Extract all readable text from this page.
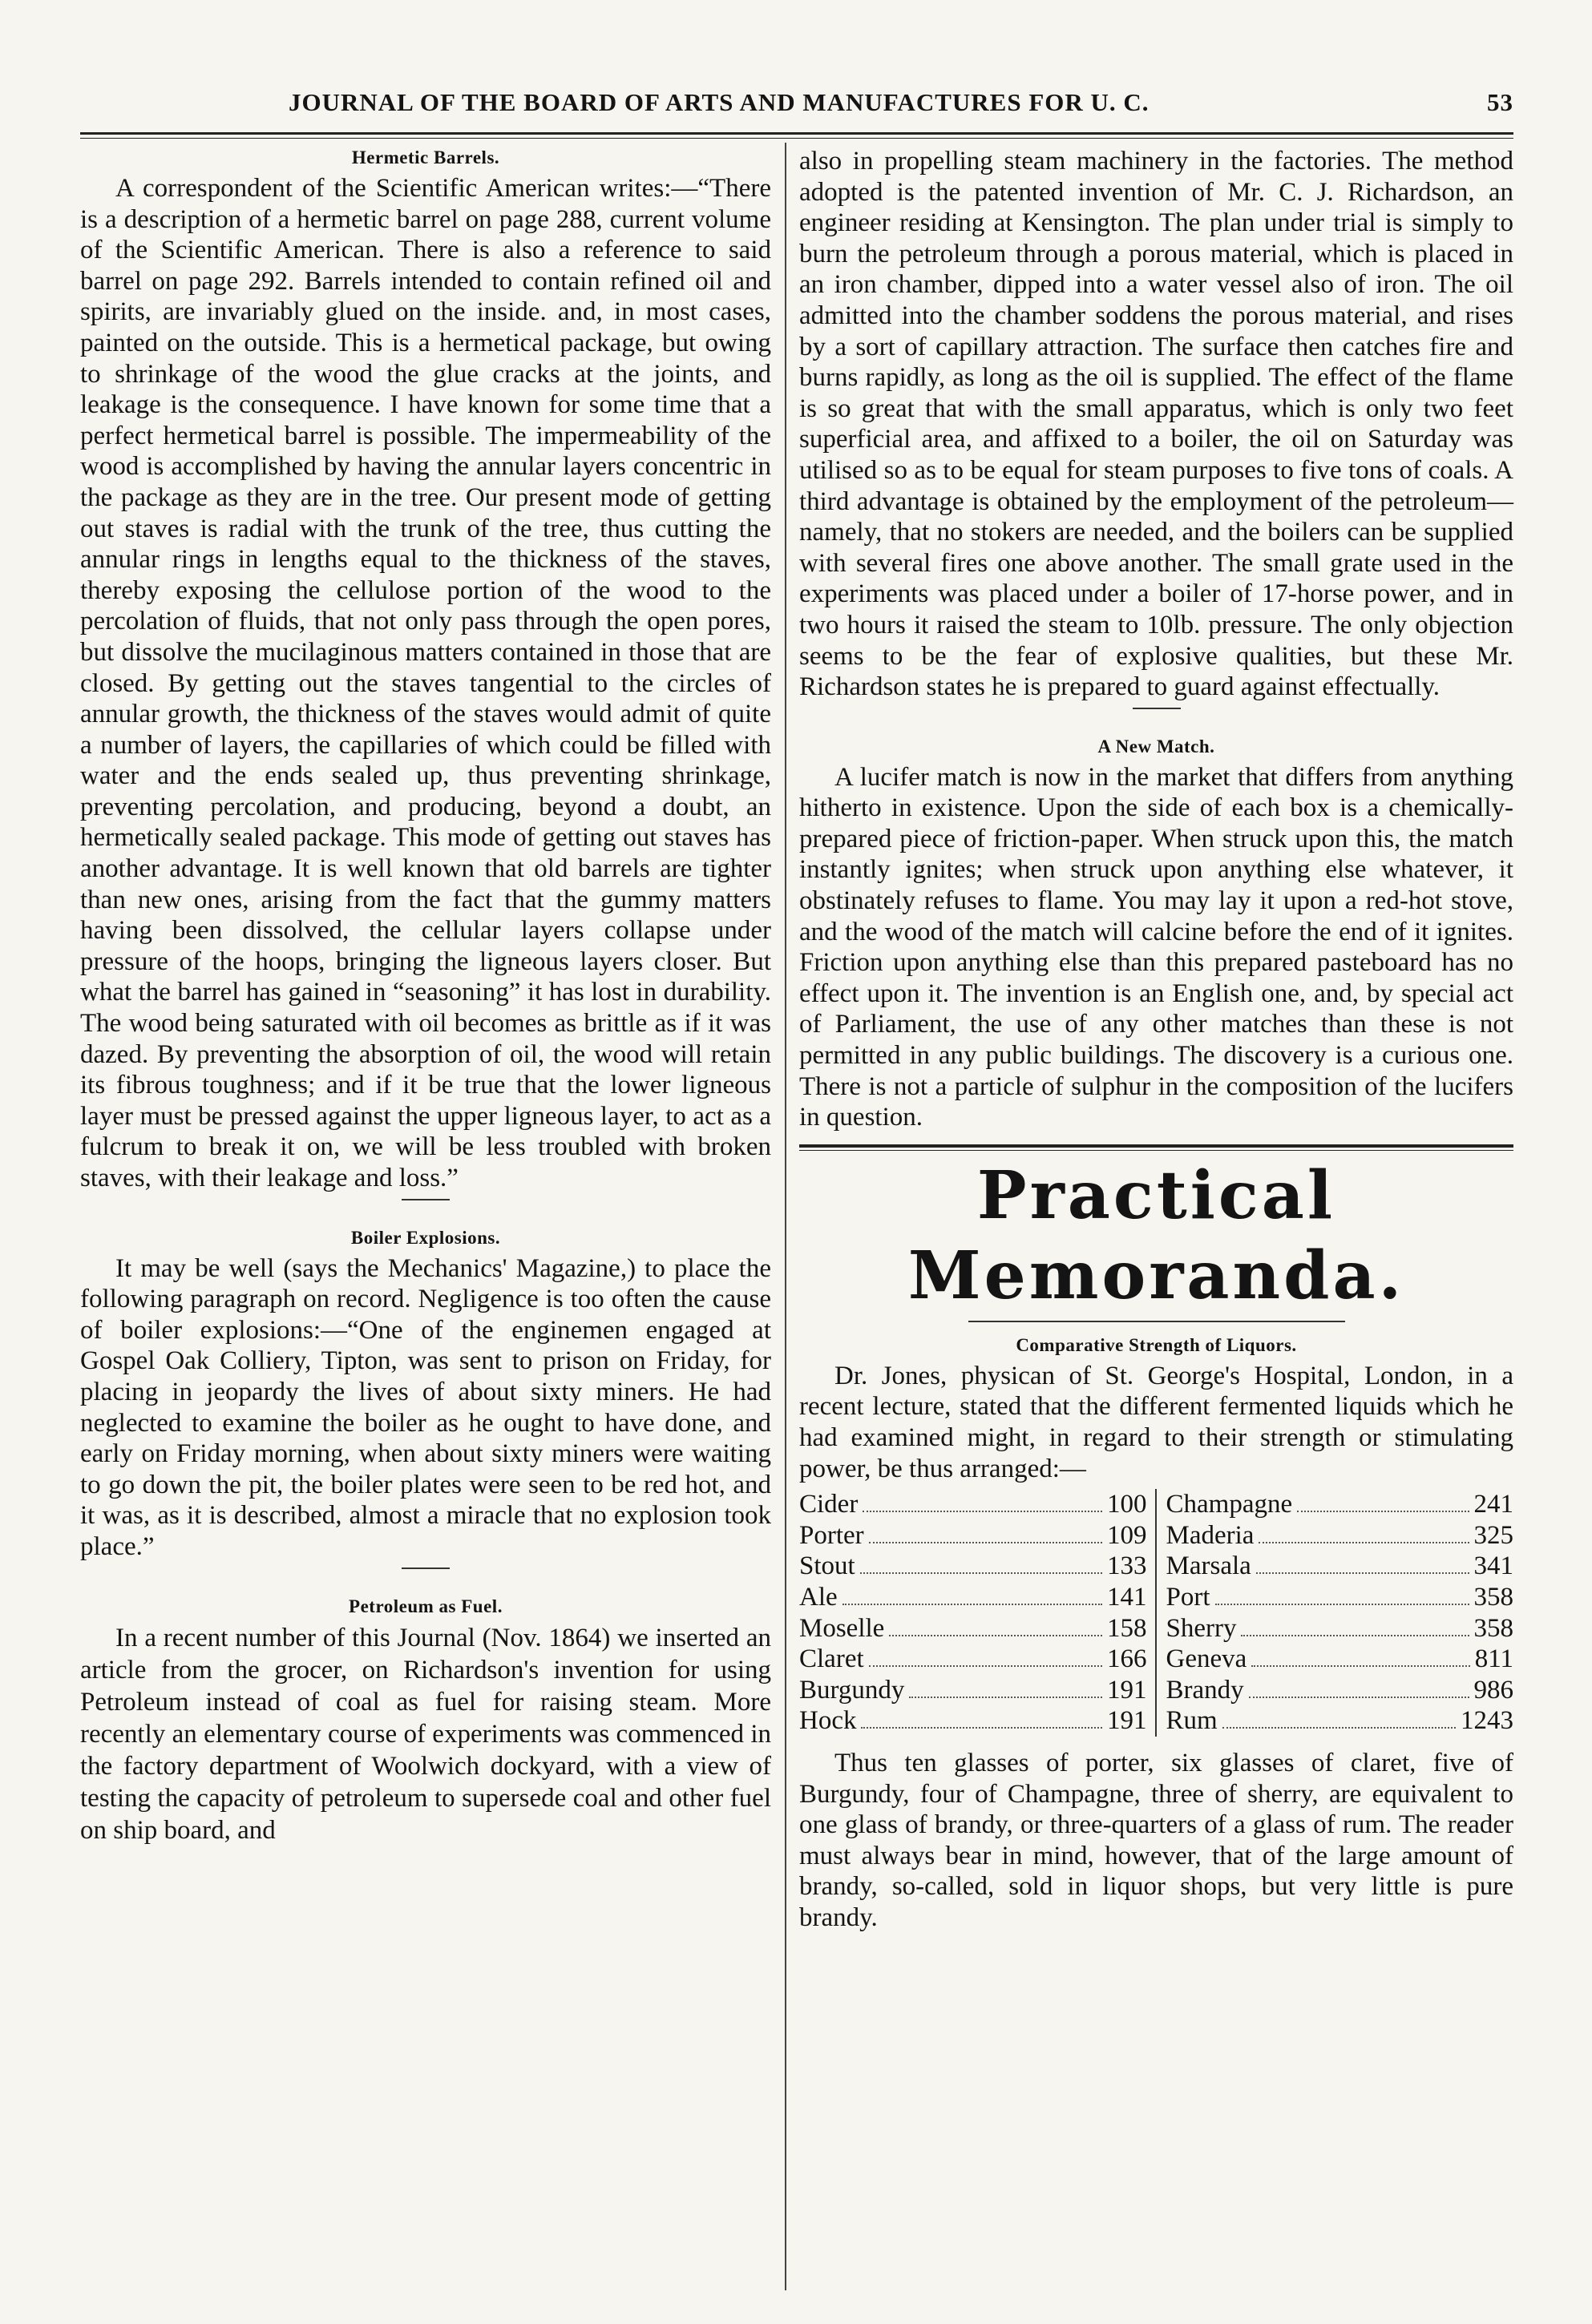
JOURNAL OF THE BOARD OF ARTS AND MANUFACTURES FOR U. C.	53
Hermetic Barrels.

A correspondent of the Scientific American writes:—“There is a description of a hermetic barrel on page 288, current volume of the Scientific American. There is also a reference to said barrel on page 292. Barrels intended to contain refined oil and spirits, are invariably glued on the inside. and, in most cases, painted on the outside. This is a hermetical package, but owing to shrinkage of the wood the glue cracks at the joints, and leakage is the consequence. I have known for some time that a perfect hermetical barrel is possible. The impermeability of the wood is accomplished by having the annular layers concentric in the package as they are in the tree. Our present mode of getting out staves is radial with the trunk of the tree, thus cutting the annular rings in lengths equal to the thickness of the staves, thereby exposing the cellulose portion of the wood to the percolation of fluids, that not only pass through the open pores, but dissolve the mucilaginous matters contained in those that are closed. By getting out the staves tangential to the circles of annular growth, the thickness of the staves would admit of quite a number of layers, the capillaries of which could be filled with water and the ends sealed up, thus preventing shrinkage, preventing percolation, and producing, beyond a doubt, an hermetically sealed package. This mode of getting out staves has another advantage. It is well known that old barrels are tighter than new ones, arising from the fact that the gummy matters having been dissolved, the cellular layers collapse under pressure of the hoops, bringing the ligneous layers closer. But what the barrel has gained in “seasoning” it has lost in durability. The wood being saturated with oil becomes as brittle as if it was dazed. By preventing the absorption of oil, the wood will retain its fibrous toughness; and if it be true that the lower ligneous layer must be pressed against the upper ligneous layer, to act as a fulcrum to break it on, we will be less troubled with broken staves, with their leakage and loss.”

Boiler Explosions.

It may be well (says the Mechanics' Magazine,) to place the following paragraph on record. Negligence is too often the cause of boiler explosions:—“One of the enginemen engaged at Gospel Oak Colliery, Tipton, was sent to prison on Friday, for placing in jeopardy the lives of about sixty miners. He had neglected to examine the boiler as he ought to have done, and early on Friday morning, when about sixty miners were waiting to go down the pit, the boiler plates were seen to be red hot, and it was, as it is described, almost a miracle that no explosion took place.”

Petroleum as Fuel.

In a recent number of this Journal (Nov. 1864) we inserted an article from the grocer, on Richardson's invention for using Petroleum instead of coal as fuel for raising steam. More recently an elementary course of experiments was commenced in the factory department of Woolwich dockyard, with a view of testing the capacity of petroleum to supersede coal and other fuel on ship board, and

also in propelling steam machinery in the factories. The method adopted is the patented invention of Mr. C. J. Richardson, an engineer residing at Kensington. The plan under trial is simply to burn the petroleum through a porous material, which is placed in an iron chamber, dipped into a water vessel also of iron. The oil admitted into the chamber soddens the porous material, and rises by a sort of capillary attraction. The surface then catches fire and burns rapidly, as long as the oil is supplied. The effect of the flame is so great that with the small apparatus, which is only two feet superficial area, and affixed to a boiler, the oil on Saturday was utilised so as to be equal for steam purposes to five tons of coals. A third advantage is obtained by the employment of the petroleum—namely, that no stokers are needed, and the boilers can be supplied with several fires one above another. The small grate used in the experiments was placed under a boiler of 17-horse power, and in two hours it raised the steam to 10lb. pressure. The only objection seems to be the fear of explosive qualities, but these Mr. Richardson states he is prepared to guard against effectually.

A New Match.

A lucifer match is now in the market that differs from anything hitherto in existence. Upon the side of each box is a chemically-prepared piece of friction-paper. When struck upon this, the match instantly ignites; when struck upon anything else whatever, it obstinately refuses to flame. You may lay it upon a red-hot stove, and the wood of the match will calcine before the end of it ignites. Friction upon anything else than this prepared pasteboard has no effect upon it. The invention is an English one, and, by special act of Parliament, the use of any other matches than these is not permitted in any public buildings. The discovery is a curious one. There is not a particle of sulphur in the composition of the lucifers in question.

Practical Memoranda.
Comparative Strength of Liquors.

Dr. Jones, physican of St. George's Hospital, London, in a recent lecture, stated that the different fermented liquids which he had examined might, in regard to their strength or stimulating power, be thus arranged:—

Cider	100
Porter	109
Stout	133
Ale	141
Moselle	158
Claret	166
Burgundy	191
Hock	191
Champagne	241
Maderia	325
Marsala	341
Port	358
Sherry	358
Geneva	811
Brandy	986
Rum	1243

Thus ten glasses of porter, six glasses of claret, five of Burgundy, four of Champagne, three of sherry, are equivalent to one glass of brandy, or three-quarters of a glass of rum. The reader must always bear in mind, however, that of the large amount of brandy, so-called, sold in liquor shops, but very little is pure brandy.
